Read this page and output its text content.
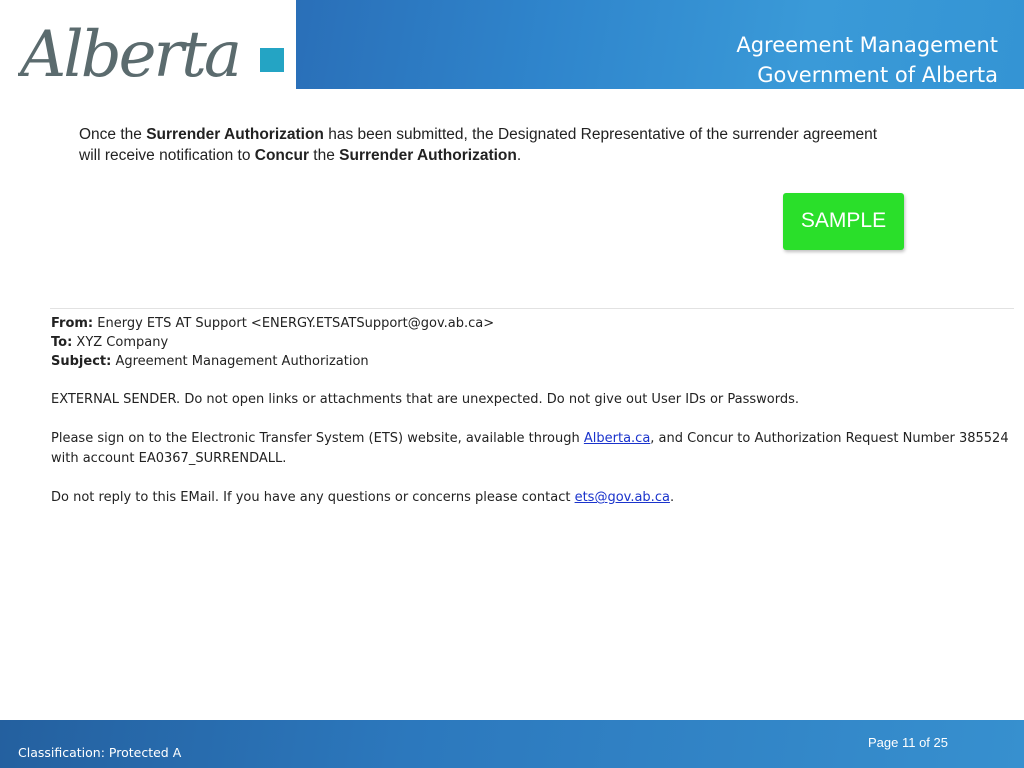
Alberta	Agreement Management
Government of Alberta
Once the Surrender Authorization has been submitted, the Designated Representative of the surrender agreement will receive notification to Concur the Surrender Authorization.
SAMPLE
From: Energy ETS AT Support <ENERGY.ETSATSupport@gov.ab.ca>
To: XYZ Company
Subject: Agreement Management Authorization
EXTERNAL SENDER. Do not open links or attachments that are unexpected. Do not give out User IDs or Passwords.
Please sign on to the Electronic Transfer System (ETS) website, available through Alberta.ca, and Concur to Authorization Request Number 385524 with account EA0367_SURRENDALL.
Do not reply to this EMail. If you have any questions or concerns please contact ets@gov.ab.ca.
Page 11 of 25
Classification: Protected A
